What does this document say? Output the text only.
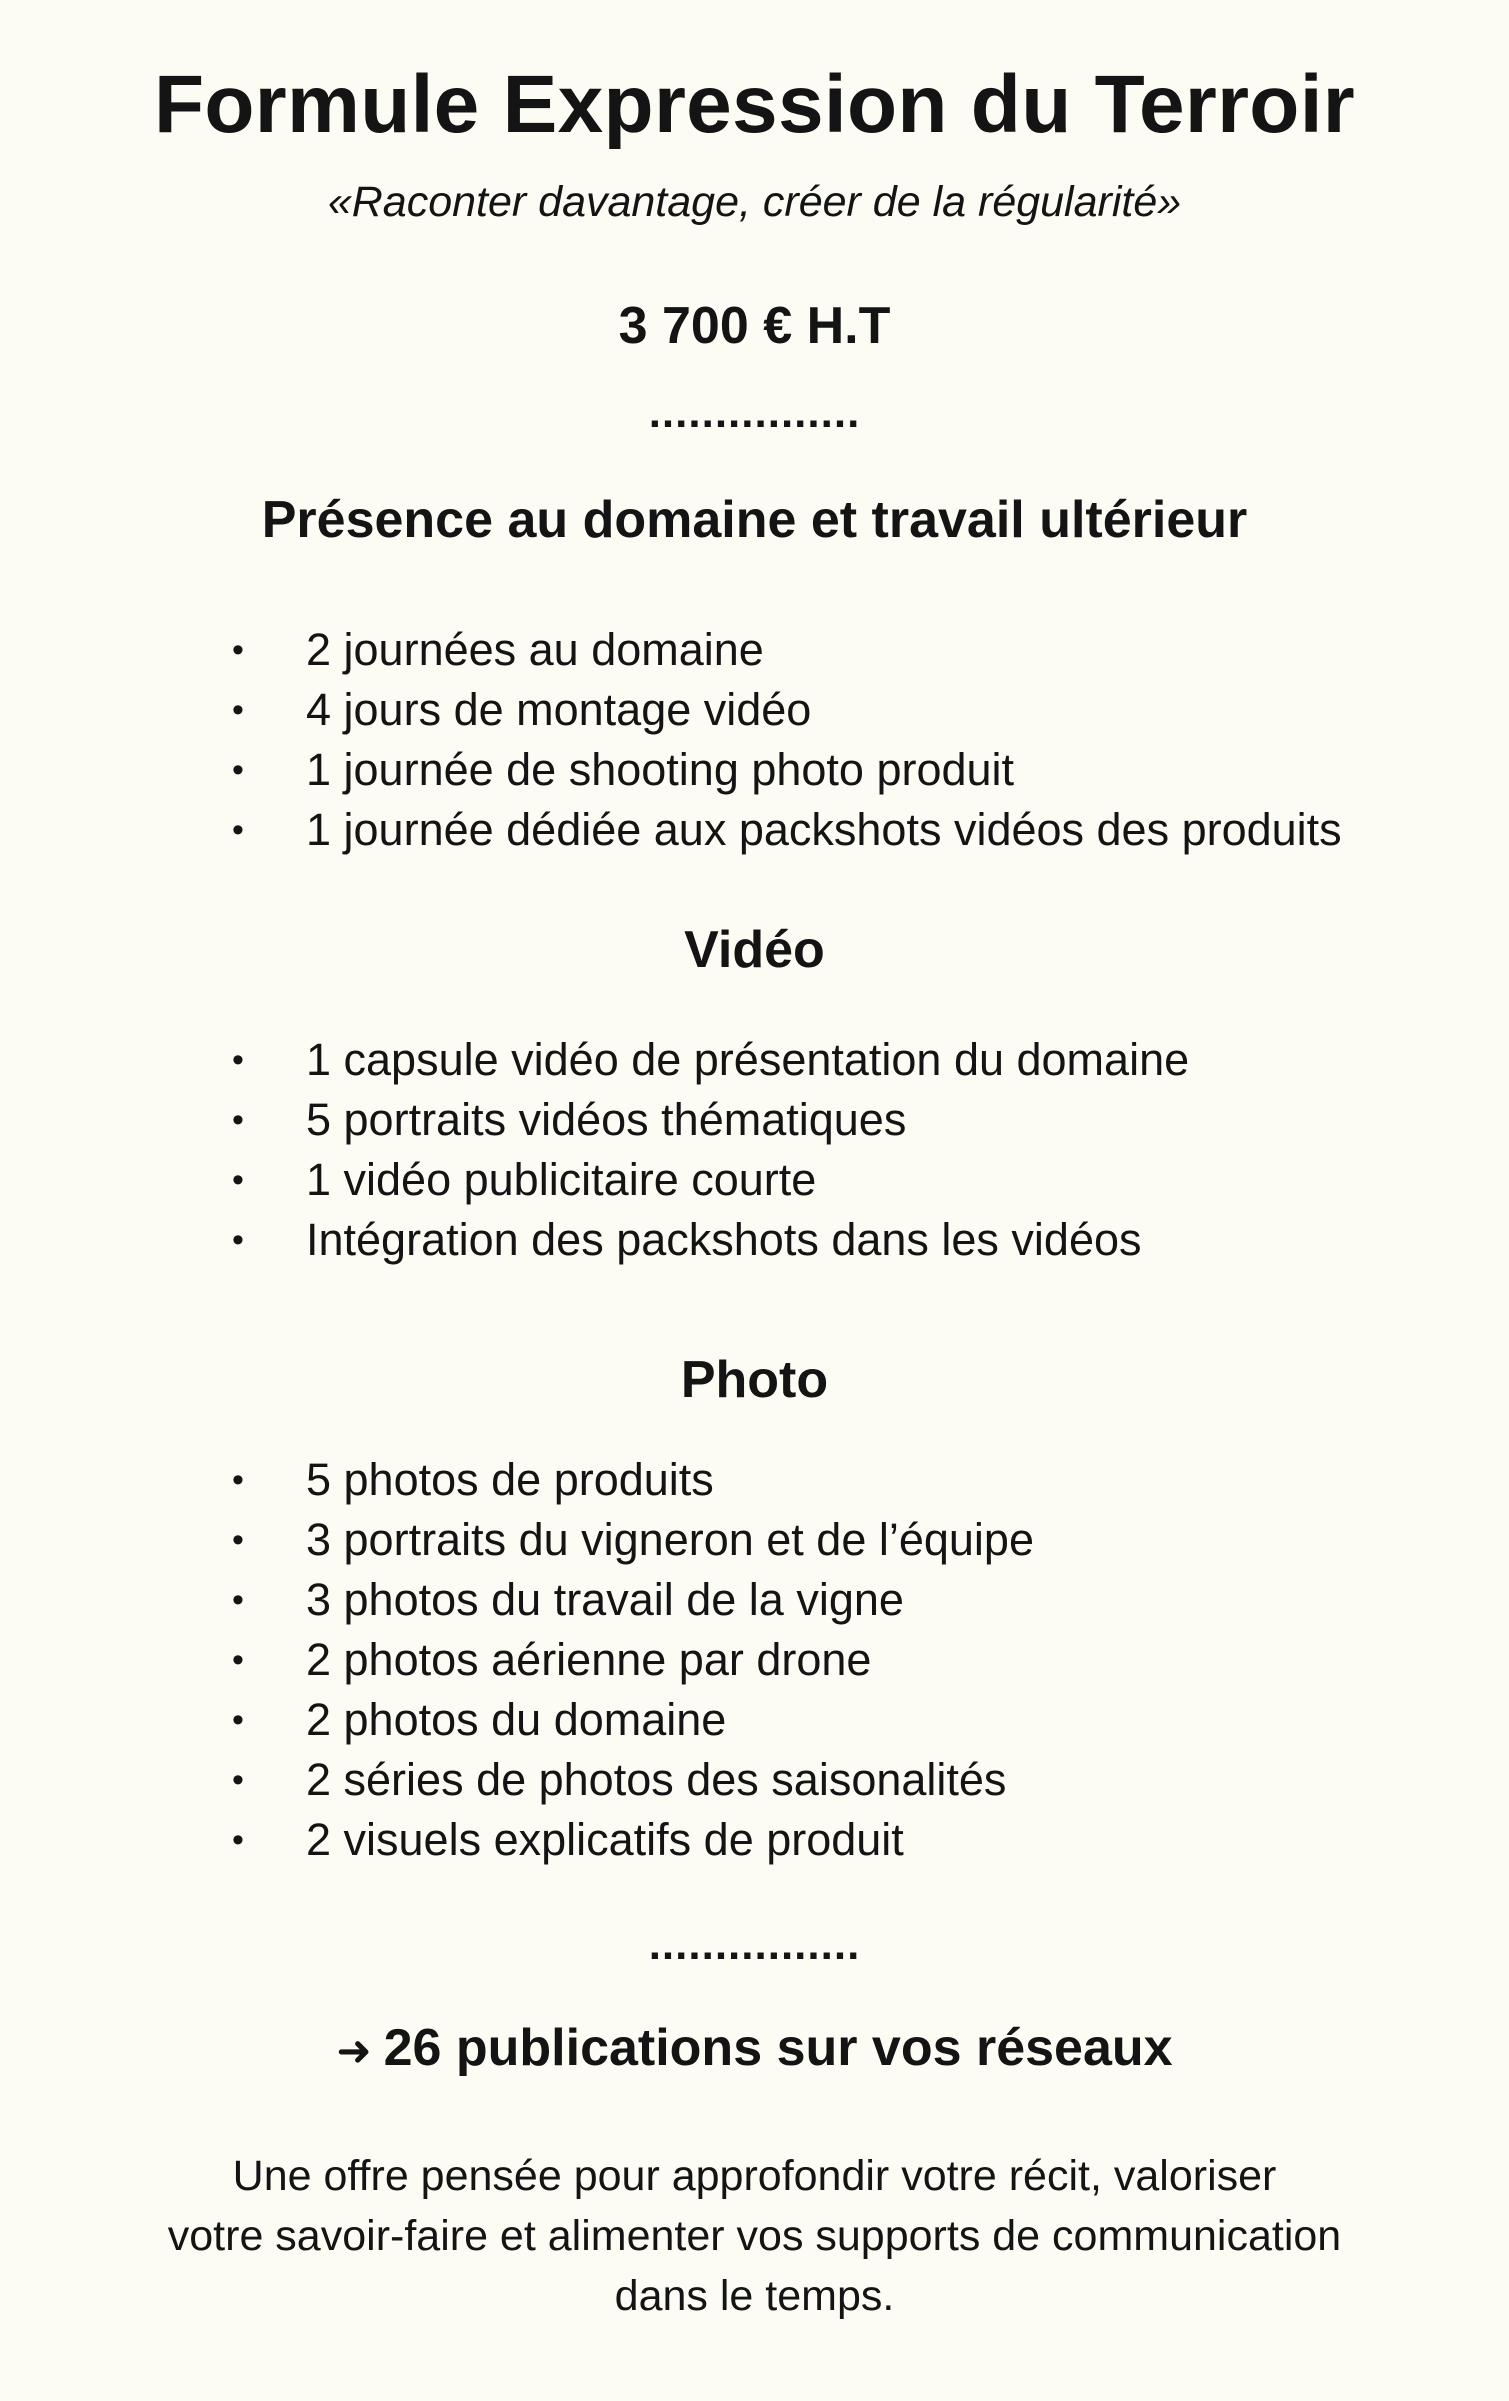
Formule Expression du Terroir
«Raconter davantage, créer de la régularité»
3 700 € H.T
................
Présence au domaine et travail ultérieur
• 2 journées au domaine
• 4 jours de montage vidéo
• 1 journée de shooting photo produit
• 1 journée dédiée aux packshots vidéos des produits
Vidéo
• 1 capsule vidéo de présentation du domaine
• 5 portraits vidéos thématiques
• 1 vidéo publicitaire courte
• Intégration des packshots dans les vidéos
Photo
• 5 photos de produits
• 3 portraits du vigneron et de l’équipe
• 3 photos du travail de la vigne
• 2 photos aérienne par drone
• 2 photos du domaine
• 2 séries de photos des saisonalités
• 2 visuels explicatifs de produit
................
➜ 26 publications sur vos réseaux
Une offre pensée pour approfondir votre récit, valoriser
votre savoir-faire et alimenter vos supports de communication
dans le temps.
